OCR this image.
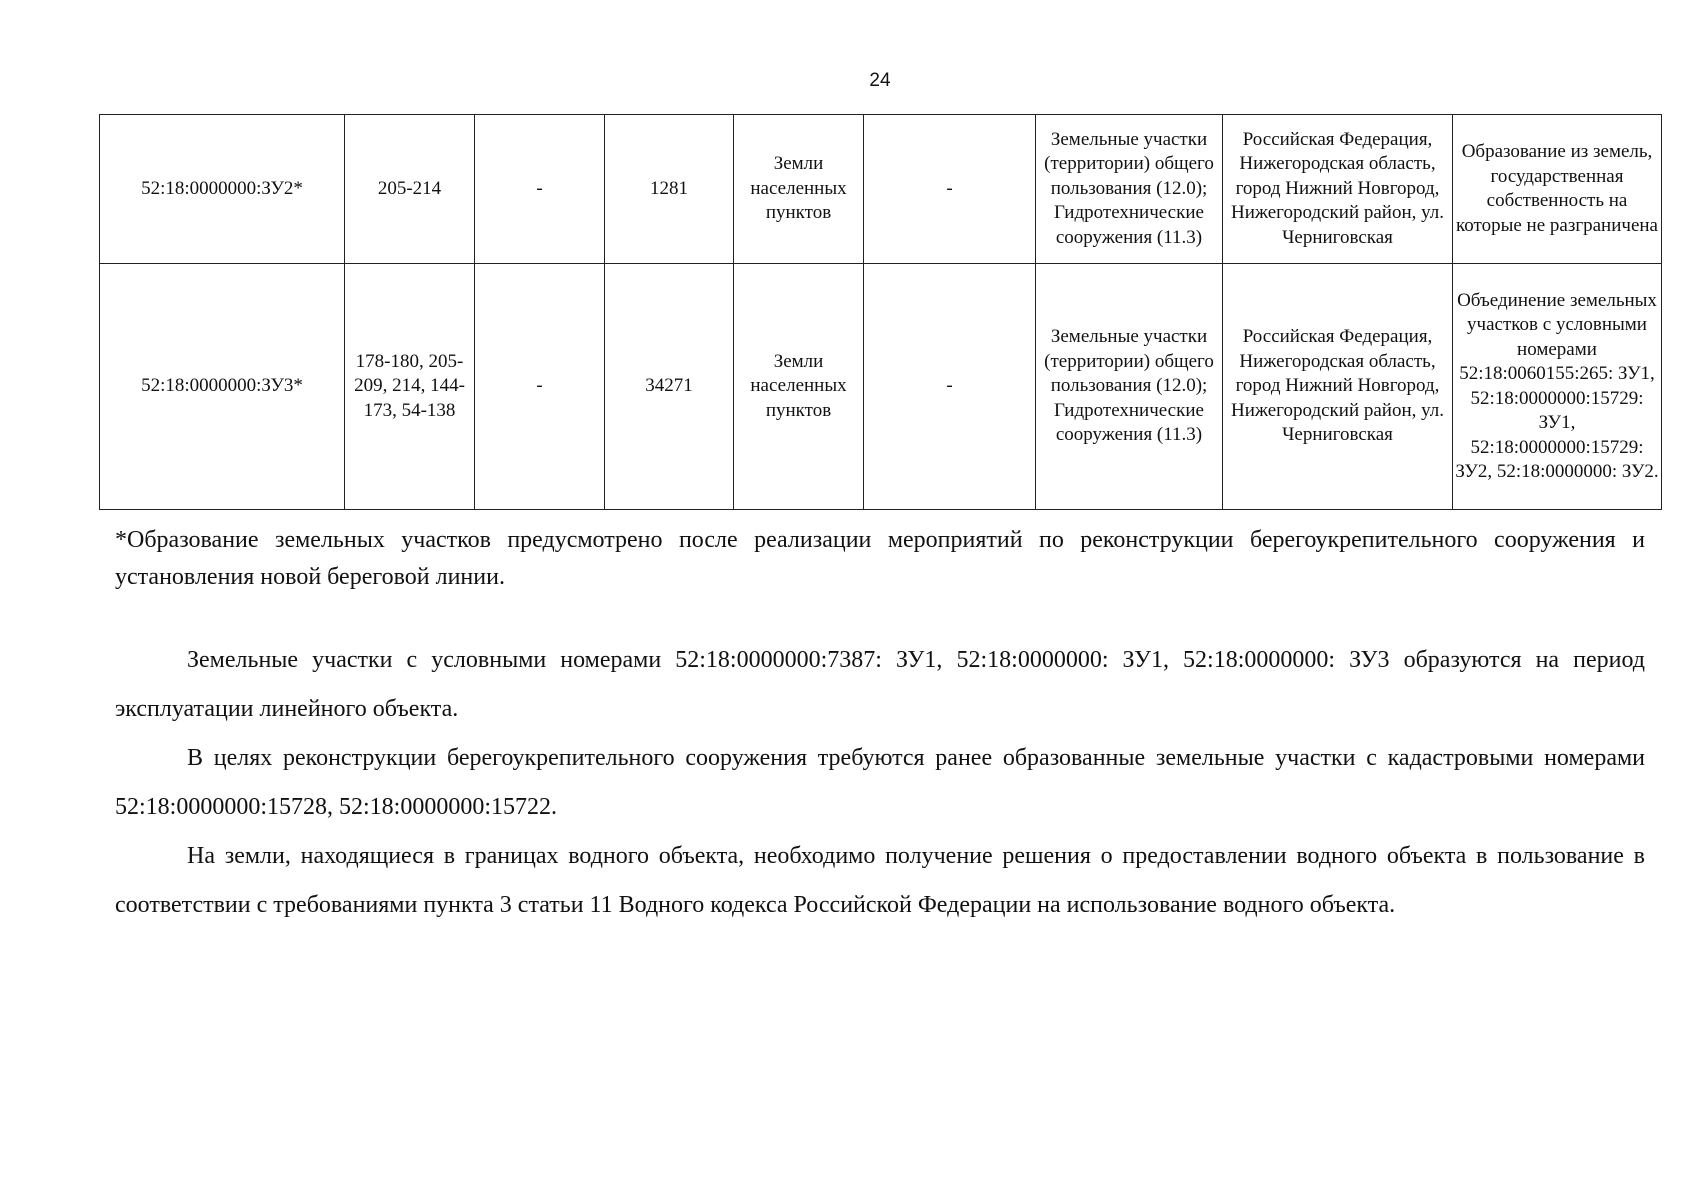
24
52:18:0000000:ЗУ2*	205-214	-	1281	Земли населенных пунктов	-	Земельные участки (территории) общего пользования (12.0); Гидротехнические сооружения (11.3)	Российская Федерация, Нижегородская область, город Нижний Новгород, Нижегородский район, ул. Черниговская	Образование из земель, государственная собственность на которые не разграничена
52:18:0000000:ЗУ3*	178-180, 205-209, 214, 144-173, 54-138	-	34271	Земли населенных пунктов	-	Земельные участки (территории) общего пользования (12.0); Гидротехнические сооружения (11.3)	Российская Федерация, Нижегородская область, город Нижний Новгород, Нижегородский район, ул. Черниговская	Объединение земельных участков с условными номерами 52:18:0060155:265: ЗУ1, 52:18:0000000:15729: ЗУ1, 52:18:0000000:15729: ЗУ2, 52:18:0000000: ЗУ2.
*Образование земельных участков предусмотрено после реализации мероприятий по реконструкции берегоукрепительного сооружения и установления новой береговой линии.

Земельные участки с условными номерами 52:18:0000000:7387: ЗУ1, 52:18:0000000: ЗУ1, 52:18:0000000: ЗУ3 образуются на период эксплуатации линейного объекта.

В целях реконструкции берегоукрепительного сооружения требуются ранее образованные земельные участки с кадастровыми номерами 52:18:0000000:15728, 52:18:0000000:15722.

На земли, находящиеся в границах водного объекта, необходимо получение решения о предоставлении водного объекта в пользование в соответствии с требованиями пункта 3 статьи 11 Водного кодекса Российской Федерации на использование водного объекта.
